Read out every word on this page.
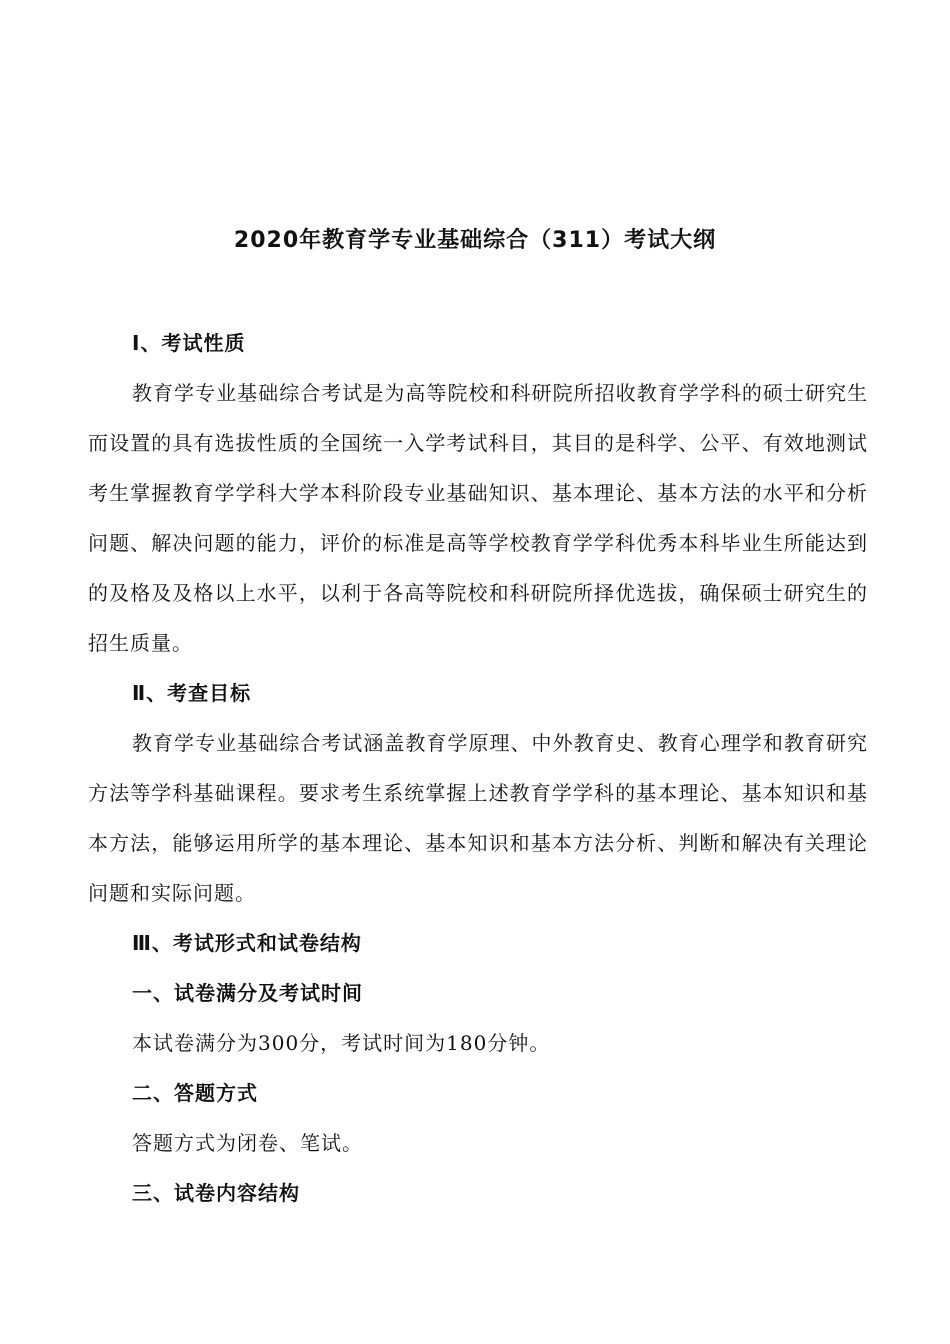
2020年教育学专业基础综合（311）考试大纲
Ⅰ、考试性质

教育学专业基础综合考试是为高等院校和科研院所招收教育学学科的硕士研究生而设置的具有选拔性质的全国统一入学考试科目，其目的是科学、公平、有效地测试考生掌握教育学学科大学本科阶段专业基础知识、基本理论、基本方法的水平和分析问题、解决问题的能力，评价的标准是高等学校教育学学科优秀本科毕业生所能达到的及格及及格以上水平，以利于各高等院校和科研院所择优选拔，确保硕士研究生的招生质量。

Ⅱ、考查目标

教育学专业基础综合考试涵盖教育学原理、中外教育史、教育心理学和教育研究方法等学科基础课程。要求考生系统掌握上述教育学学科的基本理论、基本知识和基本方法，能够运用所学的基本理论、基本知识和基本方法分析、判断和解决有关理论问题和实际问题。

Ⅲ、考试形式和试卷结构
一、试卷满分及考试时间

本试卷满分为300分，考试时间为180分钟。

二、答题方式

答题方式为闭卷、笔试。

三、试卷内容结构
